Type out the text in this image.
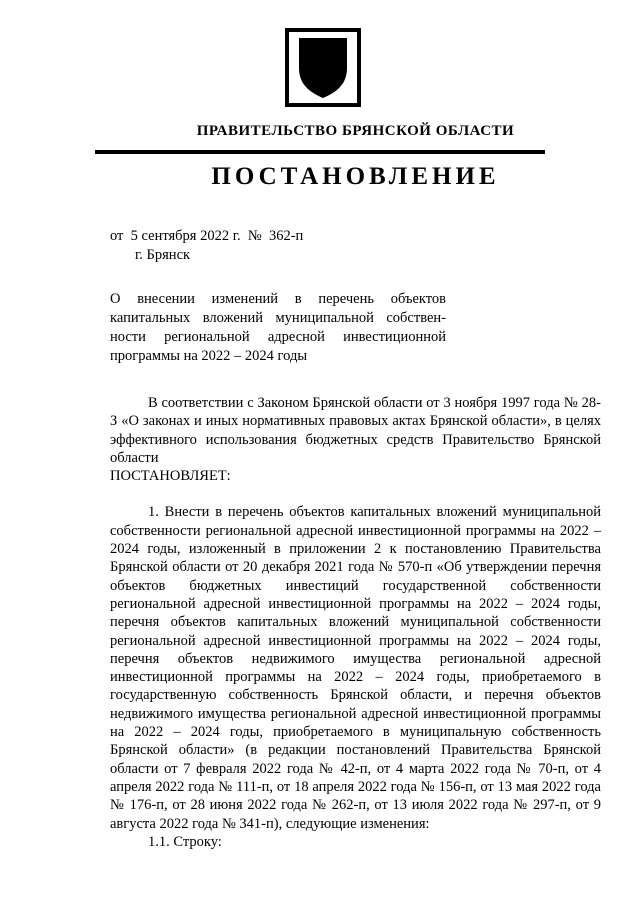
ПРАВИТЕЛЬСТВО БРЯНСКОЙ ОБЛАСТИ
ПОСТАНОВЛЕНИЕ
от  5 сентября 2022 г.  №  362-п
г. Брянск
О внесении изменений в перечень объектов
капитальных вложений муниципальной собствен-
ности региональной адресной инвестиционной
программы на 2022 – 2024 годы

В соответствии с Законом Брянской области от 3 ноября 1997 года № 28-З «О законах и иных нормативных правовых актах Брянской области», в целях эффективного использования бюджетных средств Правительство Брянской области

ПОСТАНОВЛЯЕТ:

1. Внести в перечень объектов капитальных вложений муниципальной собственности региональной адресной инвестиционной программы на 2022 – 2024 годы, изложенный в приложении 2 к постановлению Правительства Брянской области от 20 декабря 2021 года № 570-п «Об утверждении перечня объектов бюджетных инвестиций государственной собственности региональной адресной инвестиционной программы на 2022 – 2024 годы, перечня объектов капитальных вложений муниципальной собственности региональной адресной инвестиционной программы на 2022 – 2024 годы, перечня объектов недвижимого имущества региональной адресной инвестиционной программы на 2022 – 2024 годы, приобретаемого в государственную собственность Брянской области, и перечня объектов недвижимого имущества региональной адресной инвестиционной программы на 2022 – 2024 годы, приобретаемого в муниципальную собственность Брянской области» (в редакции постановлений Правительства Брянской области от 7 февраля 2022 года № 42-п, от 4 марта 2022 года № 70-п, от 4 апреля 2022 года № 111-п, от 18 апреля 2022 года № 156-п, от 13 мая 2022 года № 176-п, от 28 июня 2022 года № 262-п, от 13 июля 2022 года № 297-п, от 9 августа 2022 года № 341-п), следующие изменения:

1.1. Строку:
